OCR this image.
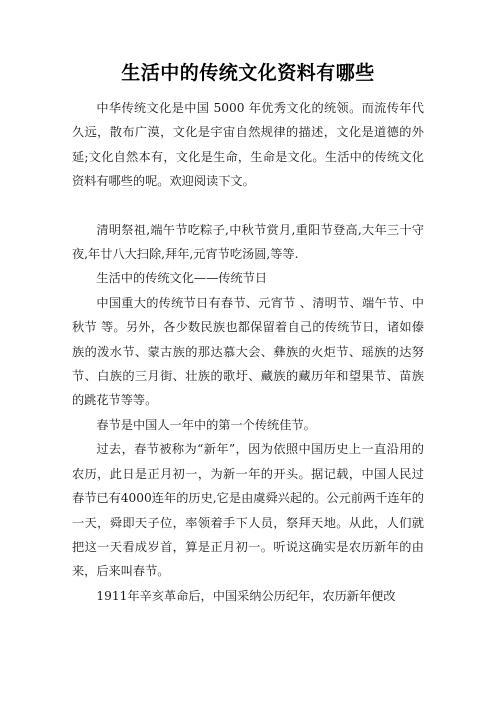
生活中的传统文化资料有哪些

中华传统文化是中国 5000 年优秀文化的统领。而流传年代久远，散布广漠，文化是宇宙自然规律的描述，文化是道德的外延;文化自然本有，文化是生命，生命是文化。生活中的传统文化资料有哪些的呢。欢迎阅读下文。

清明祭祖,端午节吃粽子,中秋节赏月,重阳节登高,大年三十守夜,年廿八大扫除,拜年,元宵节吃汤圆,等等.

生活中的传统文化——传统节日

中国重大的传统节日有春节、元宵节 、清明节、端午节、中秋节 等。另外，各少数民族也都保留着自己的传统节日，诸如傣族的泼水节、蒙古族的那达慕大会、彝族的火炬节、瑶族的达努节、白族的三月街、壮族的歌圩、藏族的藏历年和望果节、苗族的跳花节等等。

春节是中国人一年中的第一个传统佳节。

过去，春节被称为“新年”，因为依照中国历史上一直沿用的农历，此日是正月初一，为新一年的开头。据记载，中国人民过春节已有4000连年的历史,它是由虞舜兴起的。公元前两千连年的一天，舜即天子位，率领着手下人员，祭拜天地。从此，人们就把这一天看成岁首，算是正月初一。听说这确实是农历新年的由来，后来叫春节。

1911年辛亥革命后，中国采纳公历纪年，农历新年便改
